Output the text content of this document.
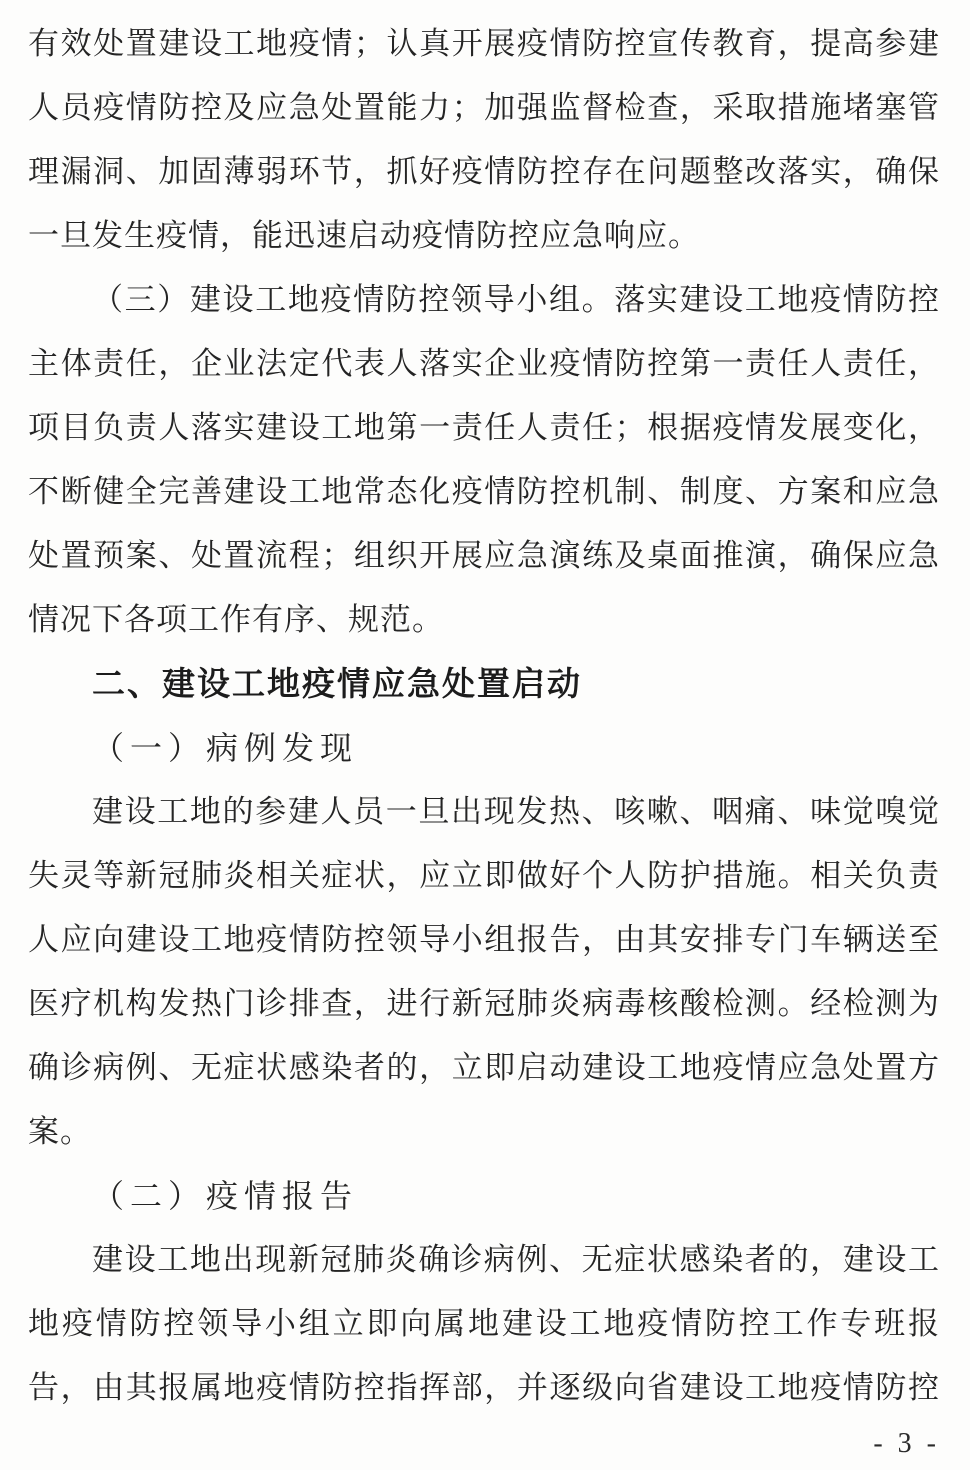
有效处置建设工地疫情；认真开展疫情防控宣传教育，提高参建
人员疫情防控及应急处置能力；加强监督检查，采取措施堵塞管
理漏洞、加固薄弱环节，抓好疫情防控存在问题整改落实，确保
一旦发生疫情，能迅速启动疫情防控应急响应。
（三）建设工地疫情防控领导小组。落实建设工地疫情防控
主体责任，企业法定代表人落实企业疫情防控第一责任人责任，
项目负责人落实建设工地第一责任人责任；根据疫情发展变化，
不断健全完善建设工地常态化疫情防控机制、制度、方案和应急
处置预案、处置流程；组织开展应急演练及桌面推演，确保应急
情况下各项工作有序、规范。
二、建设工地疫情应急处置启动
（一）病例发现
建设工地的参建人员一旦出现发热、咳嗽、咽痛、味觉嗅觉
失灵等新冠肺炎相关症状，应立即做好个人防护措施。相关负责
人应向建设工地疫情防控领导小组报告，由其安排专门车辆送至
医疗机构发热门诊排查，进行新冠肺炎病毒核酸检测。经检测为
确诊病例、无症状感染者的，立即启动建设工地疫情应急处置方
案。
（二）疫情报告
建设工地出现新冠肺炎确诊病例、无症状感染者的，建设工
地疫情防控领导小组立即向属地建设工地疫情防控工作专班报
告，由其报属地疫情防控指挥部，并逐级向省建设工地疫情防控
- 3 -
